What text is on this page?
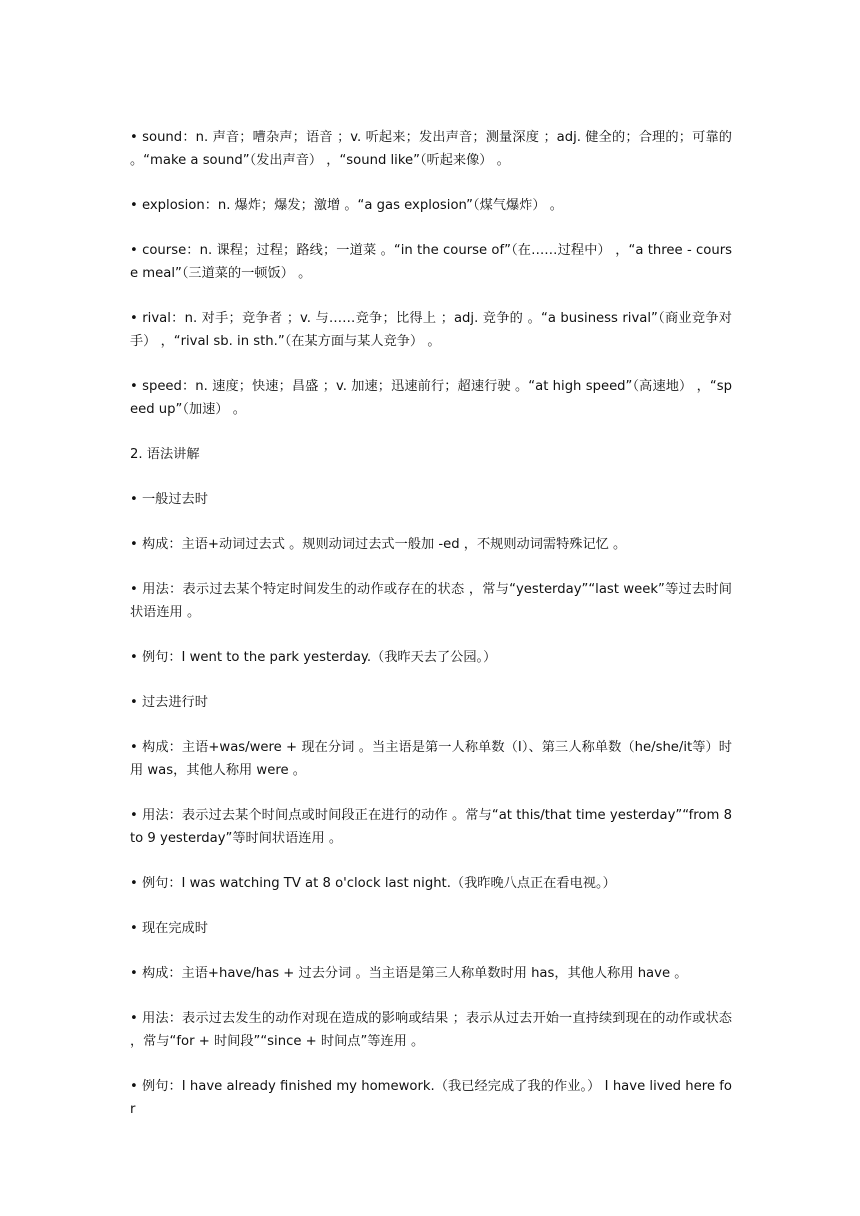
• sound：n. 声音；嘈杂声；语音 ；v. 听起来；发出声音；测量深度 ；adj. 健全的；合理的；可靠的 。“make a sound”（发出声音） ，“sound like”（听起来像） 。

• explosion：n. 爆炸；爆发；激增 。“a gas explosion”（煤气爆炸） 。

• course：n. 课程；过程；路线；一道菜 。“in the course of”（在……过程中） ，“a three - course meal”（三道菜的一顿饭） 。

• rival：n. 对手；竞争者 ；v. 与……竞争；比得上 ；adj. 竞争的 。“a business rival”（商业竞争对手） ，“rival sb. in sth.”（在某方面与某人竞争） 。

• speed：n. 速度；快速；昌盛 ；v. 加速；迅速前行；超速行驶 。“at high speed”（高速地） ，“speed up”（加速） 。

2. 语法讲解

• 一般过去时

• 构成：主语+动词过去式 。规则动词过去式一般加 -ed ，不规则动词需特殊记忆 。

• 用法：表示过去某个特定时间发生的动作或存在的状态 ，常与“yesterday”“last week”等过去时间状语连用 。

• 例句：I went to the park yesterday.（我昨天去了公园。）

• 过去进行时

• 构成：主语+was/were + 现在分词 。当主语是第一人称单数（I）、第三人称单数（he/she/it等）时用 was，其他人称用 were 。

• 用法：表示过去某个时间点或时间段正在进行的动作 。常与“at this/that time yesterday”“from 8 to 9 yesterday”等时间状语连用 。

• 例句：I was watching TV at 8 o'clock last night.（我昨晚八点正在看电视。）

• 现在完成时

• 构成：主语+have/has + 过去分词 。当主语是第三人称单数时用 has，其他人称用 have 。

• 用法：表示过去发生的动作对现在造成的影响或结果 ；表示从过去开始一直持续到现在的动作或状态 ，常与“for + 时间段”“since + 时间点”等连用 。

• 例句：I have already finished my homework.（我已经完成了我的作业。） I have lived here for
